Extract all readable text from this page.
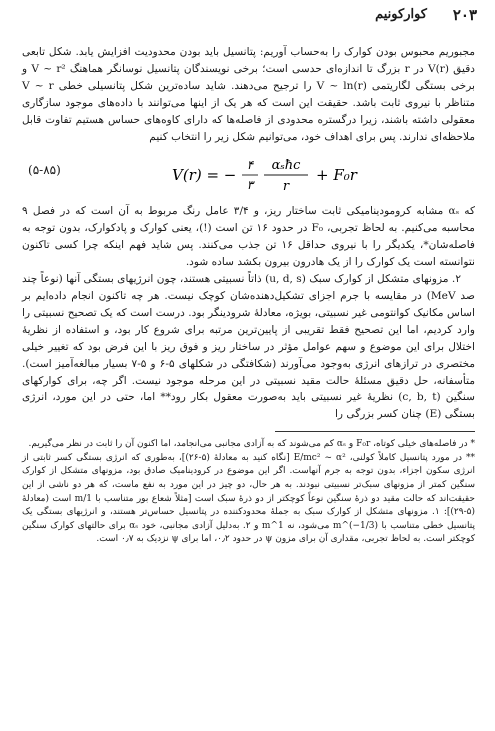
۲۰۳
کوارکونیم

مجبوریم محبوس بودن کوارک را به‌حساب آوریم: پتانسیل باید بودن محدودیت افزایش یابد. شکل تابعی دقیق V(r) در r بزرگ تا اندازه‌ای حدسی است؛ برخی نویسندگان پتانسیل نوسانگر هماهنگ V ~ r² و برخی بستگی لگاریتمی V ~ ln(r) را ترجیح می‌دهند. شاید ساده‌ترین شکل پتانسیلی خطی V ~ r متناظر با نیروی ثابت باشد. حقیقت این است که هر یک از اینها می‌توانند با داده‌های موجود سازگاری معقولی داشته باشند، زیرا درگستره محدودی از فاصله‌ها که دارای کاوه‌های حساس هستیم تفاوت قابل ملاحظه‌ای ندارند. پس برای اهداف خود، می‌توانیم شکل زیر را انتخاب کنیم

V(r) = −
۴
۳
αₛħc
r
+ F₀r
(۵-۸۵)

که αₛ مشابه کرومودینامیکی ثابت ساختار ریز، و ۳/۴ عامل رنگ مربوط به آن است که در فصل ۹ محاسبه می‌کنیم. به لحاظ تجربی، F₀ در حدود ۱۶ تن است (!)، یعنی کوارک و پادکوارک، بدون توجه به فاصله‌شان*، یکدیگر را با نیروی حداقل ۱۶ تن جذب می‌کنند. پس شاید فهم اینکه چرا کسی تاکنون نتوانسته است یک کوارک را از یک هادرون بیرون بکشد ساده شود.

۲. مزونهای متشکل از کوارک سبک (u, d, s) ذاتاً نسبیتی هستند، چون انرژیهای بستگی آنها (نوعاً چند صد MeV) در مقایسه با جرم اجزای تشکیل‌دهنده‌شان کوچک نیست. هر چه تاکنون انجام داده‌ایم بر اساس مکانیک کوانتومی غیر نسبیتی، بویژه، معادلهٔ شرودینگر بود. درست است که یک تصحیح نسبیتی را وارد کردیم، اما این تصحیح فقط تقریبی از پایین‌ترین مرتبه برای شروع کار بود، و استفاده از نظریهٔ اختلال برای این موضوع و سهم عوامل مؤثر در ساختار ریز و فوق ریز با این فرض بود که تغییر خیلی مختصری در ترازهای انرژی به‌وجود می‌آورند (شکافتگی در شکلهای ۵-۶ و ۵-۷ بسیار مبالغه‌آمیز است). متأسفانه، حل دقیق مسئلهٔ حالت مقید نسبیتی در این مرحله موجود نیست. اگر چه، برای کوارکهای سنگین (c, b, t) نظریهٔ غیر نسبیتی باید به‌صورت معقول بکار رود** اما، حتی در این مورد، انرژی بستگی (E) چنان کسر بزرگی را

* در فاصله‌های خیلی کوتاه، F₀r و αₛ کم می‌شوند که به آزادی مجانبی می‌انجامد، اما اکنون آن را ثابت در نظر می‌گیریم.

** در مورد پتانسیل کاملاً کولنی، E/mc² ~ α² [نگاه کنید به معادلهٔ (۵-۲۶)]، به‌طوری که انرژی بستگی کسر ثابتی از انرژی سکون اجزاء، بدون توجه به جرم آنهاست. اگر این موضوع در کرودینامیک صادق بود، مزونهای متشکل از کوارک سنگین کمتر از مزونهای سبک‌تر نسبیتی نبودند. به هر حال، دو چیز در این مورد به نفع ماست، که هر دو ناشی از این حقیقت‌اند که حالت مقید دو ذرهٔ سنگین نوعاً کوچکتر از دو ذرهٔ سبک است [مثلاً شعاع بور متناسب با 1/m است (معادلهٔ (۵-۲۹)]: ۱. مزونهای متشکل از کوارک سبک به جملهٔ محدودکننده در پتانسیل حساس‌تر هستند، و انرژیهای بستگی یک پتانسیل خطی متناسب با m^(−1/3) می‌شود، نه m^1 و ۲. به‌دلیل آزادی مجانبی، خود αₛ برای حالتهای کوارک سنگین کوچکتر است. به لحاظ تجربی، مقداری آن برای مزون ψ در حدود ۰٫۲، اما برای ψ نزدیک به ۰٫۷ است.
